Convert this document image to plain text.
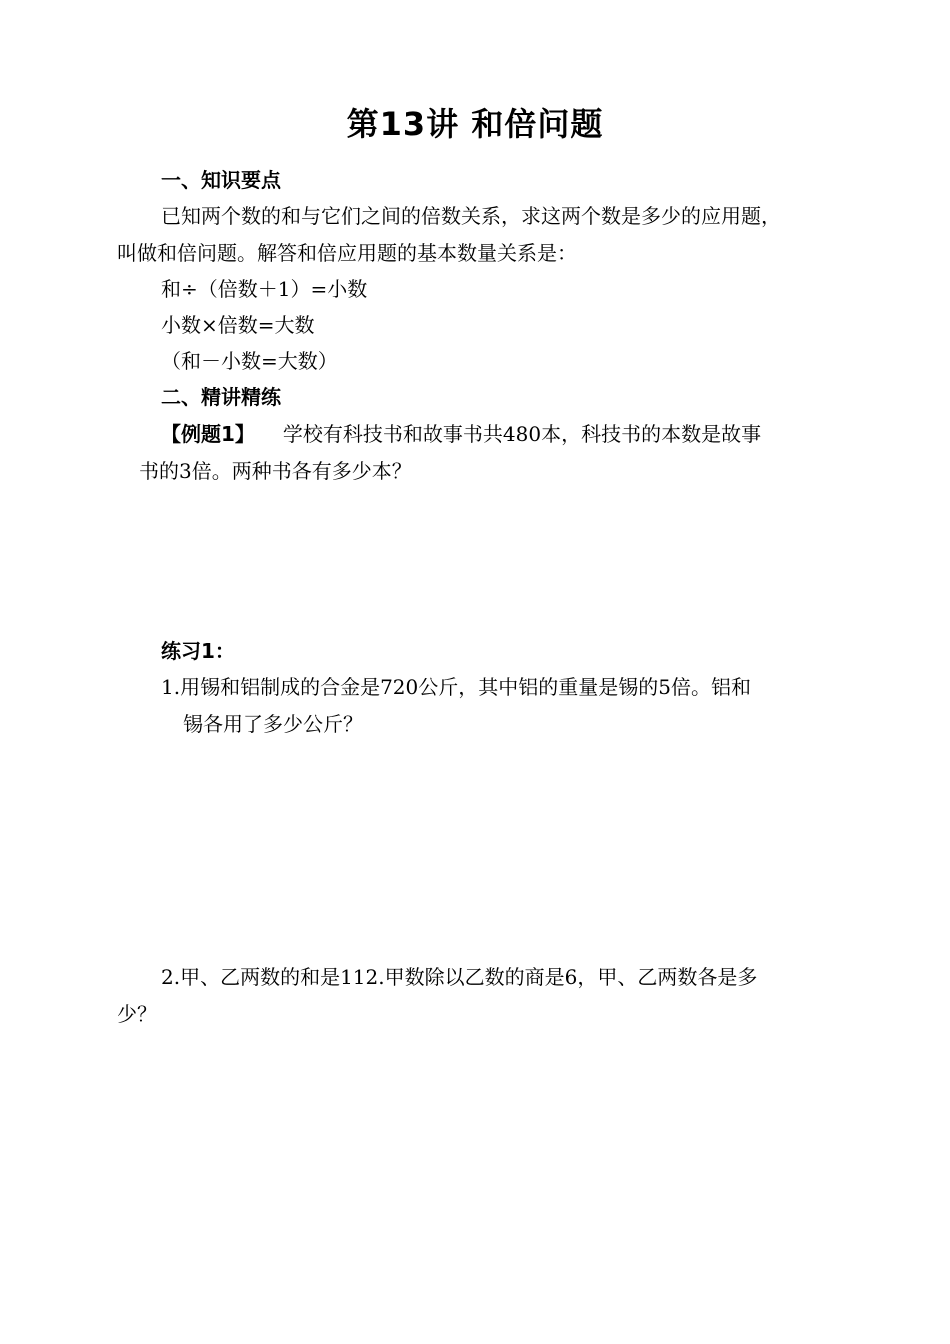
第13讲 和倍问题
一、知识要点
已知两个数的和与它们之间的倍数关系，求这两个数是多少的应用题，
叫做和倍问题。解答和倍应用题的基本数量关系是：
和÷（倍数＋1）=小数
小数×倍数=大数
（和－小数=大数）
二、精讲精练
【例题1】 学校有科技书和故事书共480本，科技书的本数是故事
书的3倍。两种书各有多少本？
练习1：
1.用锡和铝制成的合金是720公斤，其中铝的重量是锡的5倍。铝和
锡各用了多少公斤？
2.甲、乙两数的和是112.甲数除以乙数的商是6，甲、乙两数各是多
少？
